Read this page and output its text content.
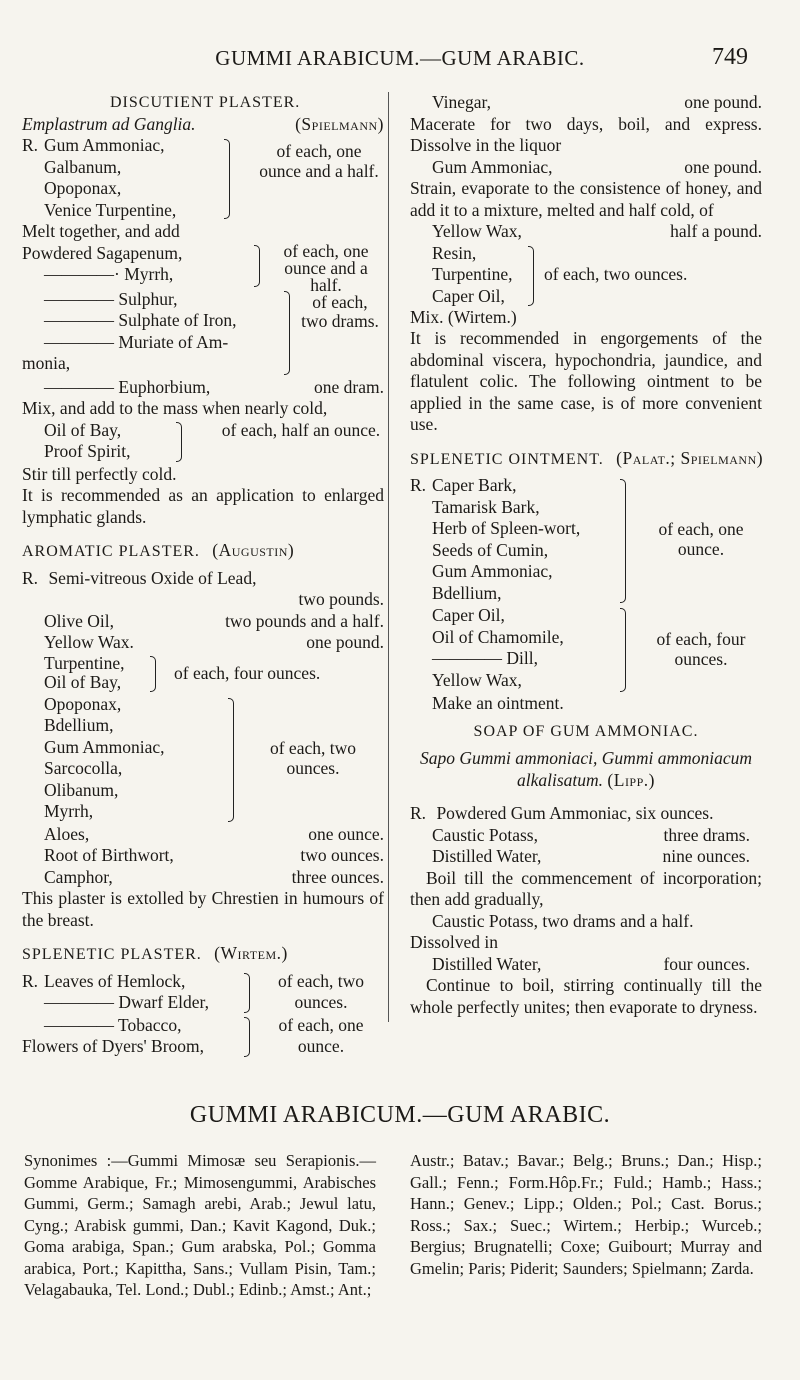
GUMMI ARABICUM.—GUM ARABIC.	749
DISCUTIENT PLASTER.
Emplastrum ad Ganglia.	(Spielmann)
R. Gum Ammoniac,
Galbanum,
Opoponax,
Venice Turpentine,
of each, one ounce and a half.
Melt together, and add
Powdered Sagapenum,
————· Myrrh,
of each, one ounce and a half.
———— Sulphur,
———— Sulphate of Iron,
———— Muriate of Am-
monia,
of each, two drams.
———— Euphorbium,	one dram.
Mix, and add to the mass when nearly cold,
Oil of Bay,
Proof Spirit,
of each, half an ounce.
Stir till perfectly cold.
It is recommended as an application to enlarged lymphatic glands.
AROMATIC PLASTER. (Augustin)
R. Semi-vitreous Oxide of Lead,
two pounds.
Olive Oil,	two pounds and a half.
Yellow Wax.	one pound.
Turpentine,
Oil of Bay,	of each, four ounces.
Opoponax,
Bdellium,
Gum Ammoniac,
Sarcocolla,
Olibanum,
Myrrh,
of each, two ounces.
Aloes,	one ounce.
Root of Birthwort,	two ounces.
Camphor,	three ounces.
This plaster is extolled by Chrestien in humours of the breast.
SPLENETIC PLASTER. (Wirtem.)
R. Leaves of Hemlock,
———— Dwarf Elder,
of each, two ounces.
———— Tobacco,
Flowers of Dyers' Broom,
of each, one ounce.
Vinegar,	one pound.
Macerate for two days, boil, and express. Dissolve in the liquor
Gum Ammoniac,	one pound.
Strain, evaporate to the consistence of honey, and add it to a mixture, melted and half cold, of
Yellow Wax,	half a pound.
Resin,
Turpentine,
Caper Oil,
of each, two ounces.
Mix. (Wirtem.)
It is recommended in engorgements of the abdominal viscera, hypochondria, jaundice, and flatulent colic. The following ointment to be applied in the same case, is of more convenient use.
SPLENETIC OINTMENT. (Palat.; Spielmann)
R. Caper Bark,
Tamarisk Bark,
Herb of Spleen-wort,
Seeds of Cumin,
Gum Ammoniac,
Bdellium,
of each, one ounce.
Caper Oil,
Oil of Chamomile,
———— Dill,
Yellow Wax,
of each, four ounces.
Make an ointment.
SOAP OF GUM AMMONIAC.
Sapo Gummi ammoniaci, Gummi ammoniacum alkalisatum. (Lipp.)
R. Powdered Gum Ammoniac, six ounces.
Caustic Potass,	three drams.
Distilled Water,	nine ounces.
Boil till the commencement of incorporation; then add gradually,
Caustic Potass, two drams and a half.
Dissolved in
Distilled Water,	four ounces.
Continue to boil, stirring continually till the whole perfectly unites; then evaporate to dryness.
GUMMI ARABICUM.—GUM ARABIC.
Synonimes :—Gummi Mimosæ seu Serapionis.—Gomme Arabique, Fr.; Mimosengummi, Arabisches Gummi, Germ.; Samagh arebi, Arab.; Jewul latu, Cyng.; Arabisk gummi, Dan.; Kavit Kagond, Duk.; Goma arabiga, Span.; Gum arabska, Pol.; Gomma arabica, Port.; Kapittha, Sans.; Vullam Pisin, Tam.; Velagabauka, Tel. Lond.; Dubl.; Edinb.; Amst.; Ant.;
Austr.; Batav.; Bavar.; Belg.; Bruns.; Dan.; Hisp.; Gall.; Fenn.; Form.Hôp.Fr.; Fuld.; Hamb.; Hass.; Hann.; Genev.; Lipp.; Olden.; Pol.; Cast. Borus.; Ross.; Sax.; Suec.; Wirtem.; Herbip.; Wurceb.; Bergius; Brugnatelli; Coxe; Guibourt; Murray and Gmelin; Paris; Piderit; Saunders; Spielmann; Zarda.
